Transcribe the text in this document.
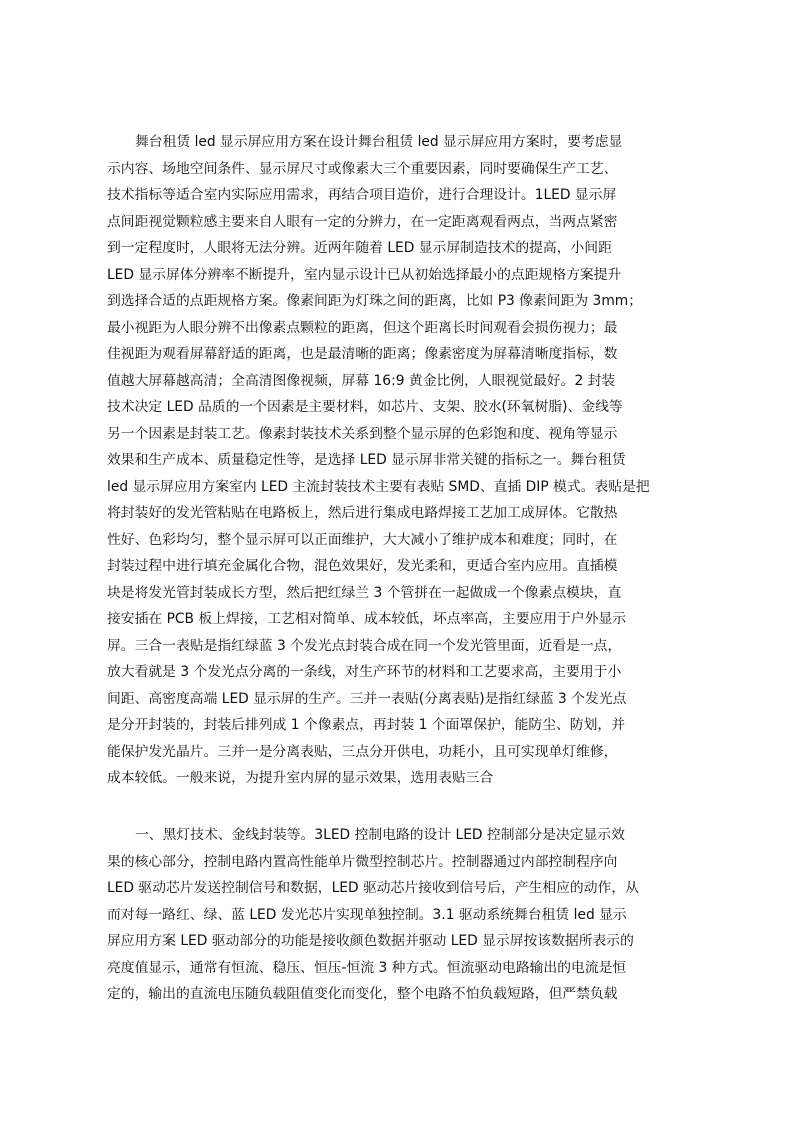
舞台租赁 led 显示屏应用方案在设计舞台租赁 led 显示屏应用方案时，要考虑显
示内容、场地空间条件、显示屏尺寸或像素大三个重要因素，同时要确保生产工艺、
技术指标等适合室内实际应用需求，再结合项目造价，进行合理设计。1LED 显示屏
点间距视觉颗粒感主要来自人眼有一定的分辨力，在一定距离观看两点，当两点紧密
到一定程度时，人眼将无法分辨。近两年随着 LED 显示屏制造技术的提高，小间距
LED 显示屏体分辨率不断提升，室内显示设计已从初始选择最小的点距规格方案提升
到选择合适的点距规格方案。像素间距为灯珠之间的距离，比如 P3 像素间距为 3mm；
最小视距为人眼分辨不出像素点颗粒的距离，但这个距离长时间观看会损伤视力；最
佳视距为观看屏幕舒适的距离，也是最清晰的距离；像素密度为屏幕清晰度指标，数
值越大屏幕越高清；全高清图像视频，屏幕 16:9 黄金比例，人眼视觉最好。2 封装
技术决定 LED 品质的一个因素是主要材料，如芯片、支架、胶水(环氧树脂)、金线等
另一个因素是封装工艺。像素封装技术关系到整个显示屏的色彩饱和度、视角等显示
效果和生产成本、质量稳定性等，是选择 LED 显示屏非常关键的指标之一。舞台租赁
led 显示屏应用方案室内 LED 主流封装技术主要有表贴 SMD、直插 DIP 模式。表贴是把
将封装好的发光管粘贴在电路板上，然后进行集成电路焊接工艺加工成屏体。它散热
性好、色彩均匀，整个显示屏可以正面维护，大大减小了维护成本和难度；同时，在
封装过程中进行填充金属化合物，混色效果好，发光柔和，更适合室内应用。直插模
块是将发光管封装成长方型，然后把红绿兰 3 个管拼在一起做成一个像素点模块，直
接安插在 PCB 板上焊接，工艺相对简单、成本较低，坏点率高，主要应用于户外显示
屏。三合一表贴是指红绿蓝 3 个发光点封装合成在同一个发光管里面，近看是一点，
放大看就是 3 个发光点分离的一条线，对生产环节的材料和工艺要求高，主要用于小
间距、高密度高端 LED 显示屏的生产。三并一表贴(分离表贴)是指红绿蓝 3 个发光点
是分开封装的，封装后排列成 1 个像素点，再封装 1 个面罩保护，能防尘、防划，并
能保护发光晶片。三并一是分离表贴，三点分开供电，功耗小，且可实现单灯维修，
成本较低。一般来说，为提升室内屏的显示效果，选用表贴三合
一、黑灯技术、金线封装等。3LED 控制电路的设计 LED 控制部分是决定显示效
果的核心部分，控制电路内置高性能单片微型控制芯片。控制器通过内部控制程序向
LED 驱动芯片发送控制信号和数据，LED 驱动芯片接收到信号后，产生相应的动作，从
而对每一路红、绿、蓝 LED 发光芯片实现单独控制。3.1 驱动系统舞台租赁 led 显示
屏应用方案 LED 驱动部分的功能是接收颜色数据并驱动 LED 显示屏按该数据所表示的
亮度值显示，通常有恒流、稳压、恒压-恒流 3 种方式。恒流驱动电路输出的电流是恒
定的，输出的直流电压随负载阻值变化而变化，整个电路不怕负载短路，但严禁负载
